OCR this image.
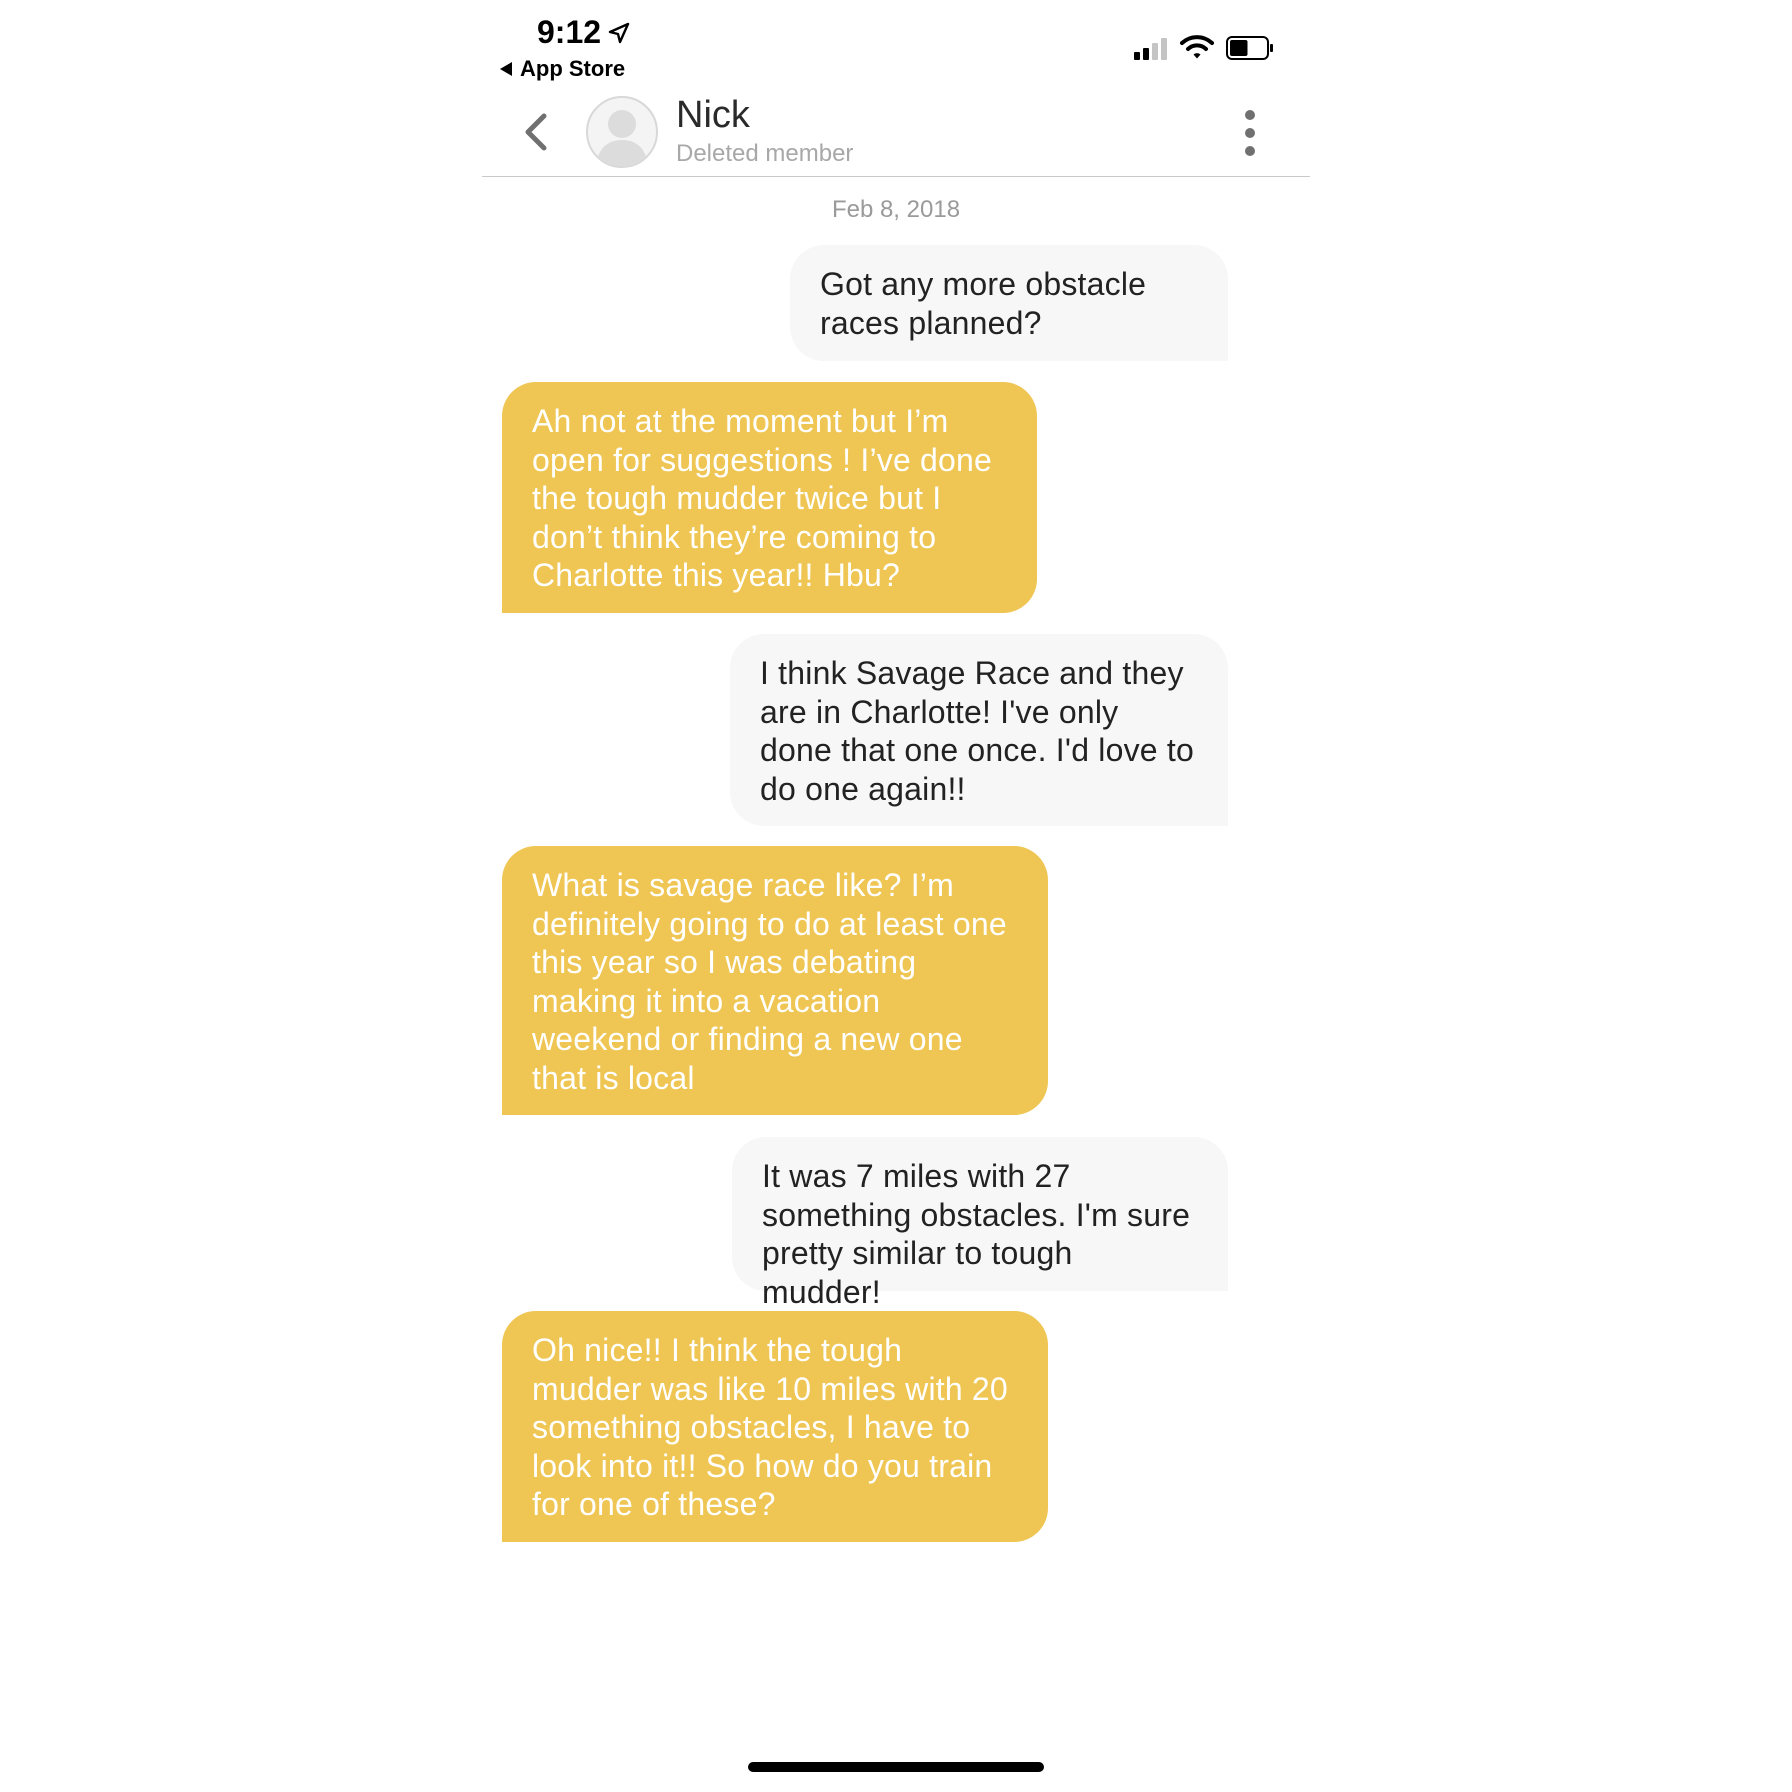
9:12
App Store
Nick
Deleted member
Feb 8, 2018
Got any more obstacle races planned?
Ah not at the moment but I’m open for suggestions ! I’ve done the tough mudder twice but I don’t think they’re coming to Charlotte this year!! Hbu?
I think Savage Race and they are in Charlotte! I've only done that one once. I'd love to do one again!!
What is savage race like? I’m definitely going to do at least one this year so I was debating making it into a vacation weekend or finding a new one that is local
It was 7 miles with 27 something obstacles. I'm sure pretty similar to tough mudder!
Oh nice!! I think the tough mudder was like 10 miles with 20 something obstacles, I have to look into it!! So how do you train for one of these?
